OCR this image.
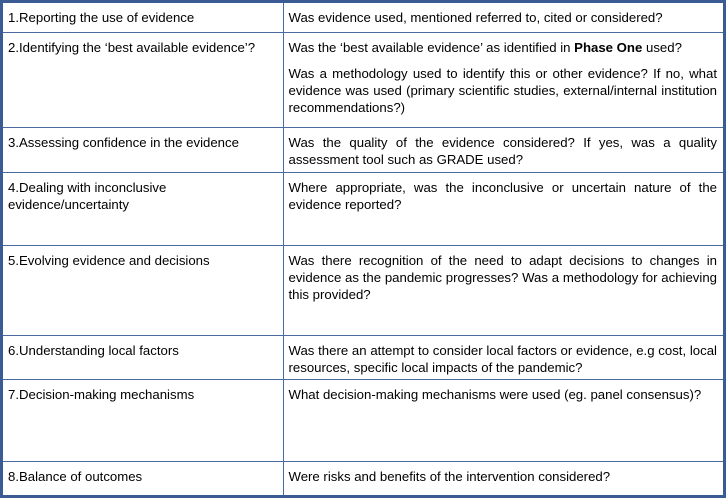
1.Reporting the use of evidence	Was evidence used, mentioned referred to, cited or considered?

2.Identifying the ‘best available evidence’?	Was the ‘best available evidence’ as identified in Phase One used?

Was a methodology used to identify this or other evidence? If no, what evidence was used (primary scientific studies, external/internal institution recommendations?)

3.Assessing confidence in the evidence	Was the quality of the evidence considered? If yes, was a quality assessment tool such as GRADE used?

4.Dealing with inconclusive evidence/uncertainty	Where appropriate, was the inconclusive or uncertain nature of the evidence reported?

5.Evolving evidence and decisions	Was there recognition of the need to adapt decisions to changes in evidence as the pandemic progresses? Was a methodology for achieving this provided?

6.Understanding local factors	Was there an attempt to consider local factors or evidence, e.g cost, local resources, specific local impacts of the pandemic?

7.Decision-making mechanisms	What decision-making mechanisms were used (eg. panel consensus)?

8.Balance of outcomes	Were risks and benefits of the intervention considered?
